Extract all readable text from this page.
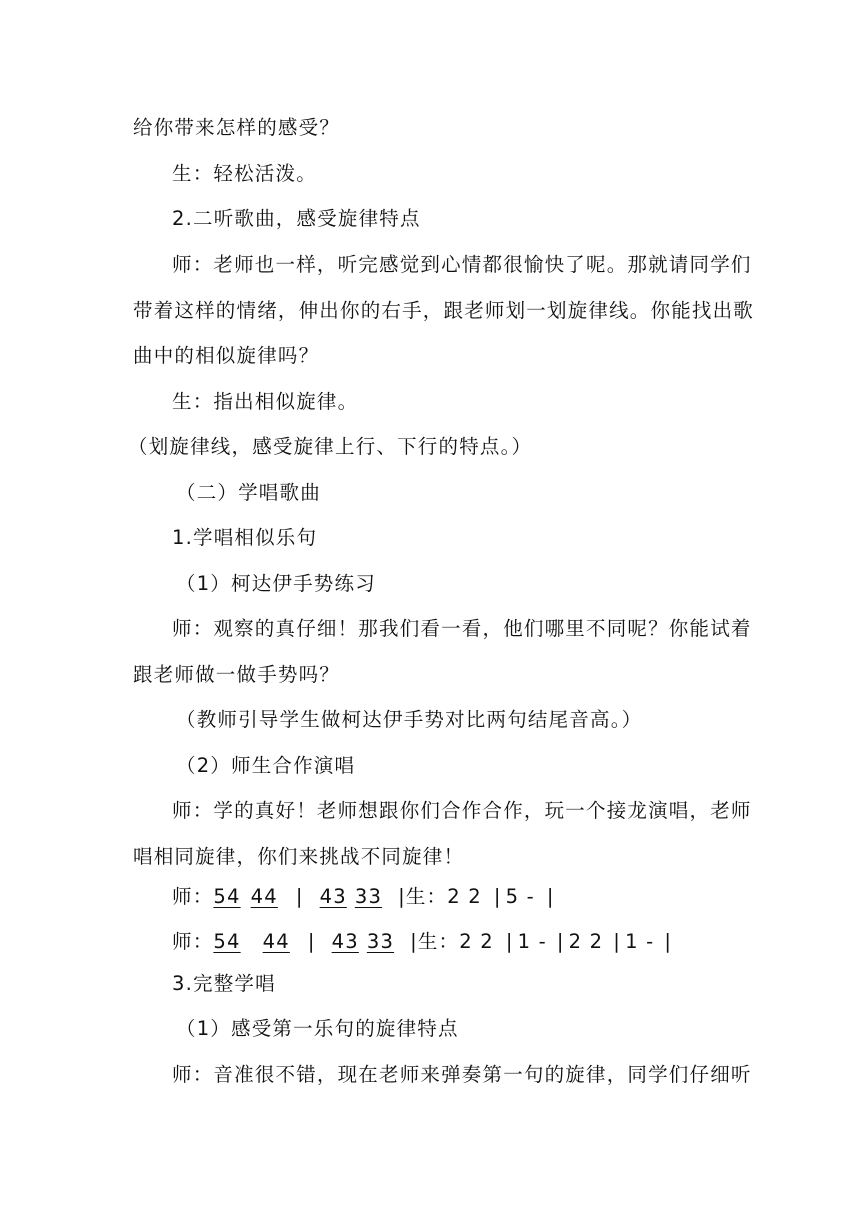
给你带来怎样的感受？
生：轻松活泼。
2.二听歌曲，感受旋律特点
师：老师也一样，听完感觉到心情都很愉快了呢。那就请同学们
带着这样的情绪，伸出你的右手，跟老师划一划旋律线。你能找出歌
曲中的相似旋律吗？
生：指出相似旋律。
（划旋律线，感受旋律上行、下行的特点。）
（二）学唱歌曲
1.学唱相似乐句
（1）柯达伊手势练习
师：观察的真仔细！那我们看一看，他们哪里不同呢？你能试着
跟老师做一做手势吗？
（教师引导学生做柯达伊手势对比两句结尾音高。）
（2）师生合作演唱
师：学的真好！老师想跟你们合作合作，玩一个接龙演唱，老师
唱相同旋律，你们来挑战不同旋律！
师：54 44 | 43 33 |生：2 2 | 5 - |
师：54 44 | 43 33 |生：2 2 | 1 - | 2 2 | 1 - |
3.完整学唱
（1）感受第一乐句的旋律特点
师：音准很不错，现在老师来弹奏第一句的旋律，同学们仔细听
